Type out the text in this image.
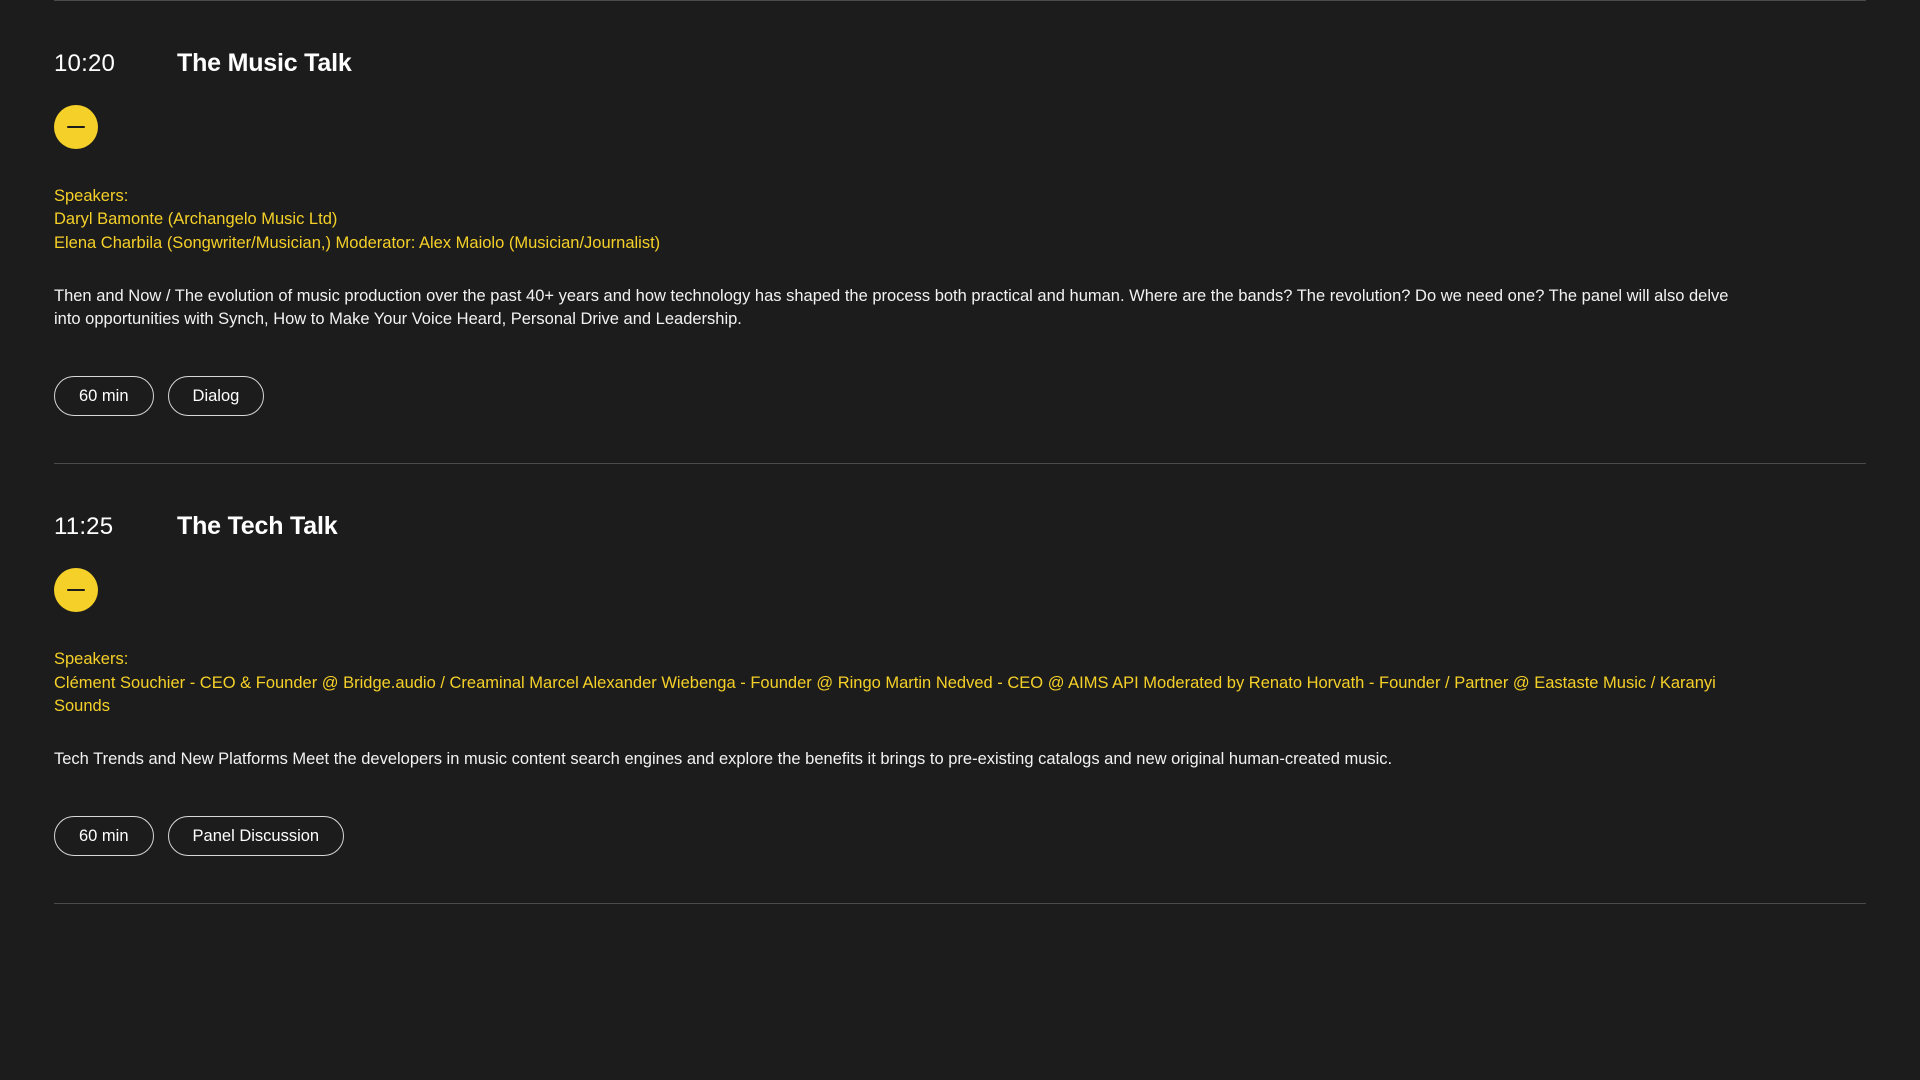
10:20	The Music Talk
Speakers:
Daryl Bamonte (Archangelo Music Ltd)
Elena Charbila (Songwriter/Musician,) Moderator: Alex Maiolo (Musician/Journalist)
Then and Now / The evolution of music production over the past 40+ years and how technology has shaped the process both practical and human. Where are the bands? The revolution? Do we need one? The panel will also delve into opportunities with Synch, How to Make Your Voice Heard, Personal Drive and Leadership.
60 min	Dialog
11:25	The Tech Talk
Speakers:
Clément Souchier - CEO & Founder @ Bridge.audio / Creaminal Marcel Alexander Wiebenga - Founder @ Ringo Martin Nedved - CEO @ AIMS API Moderated by Renato Horvath - Founder / Partner @ Eastaste Music / Karanyi Sounds
Tech Trends and New Platforms Meet the developers in music content search engines and explore the benefits it brings to pre-existing catalogs and new original human-created music.
60 min	Panel Discussion
